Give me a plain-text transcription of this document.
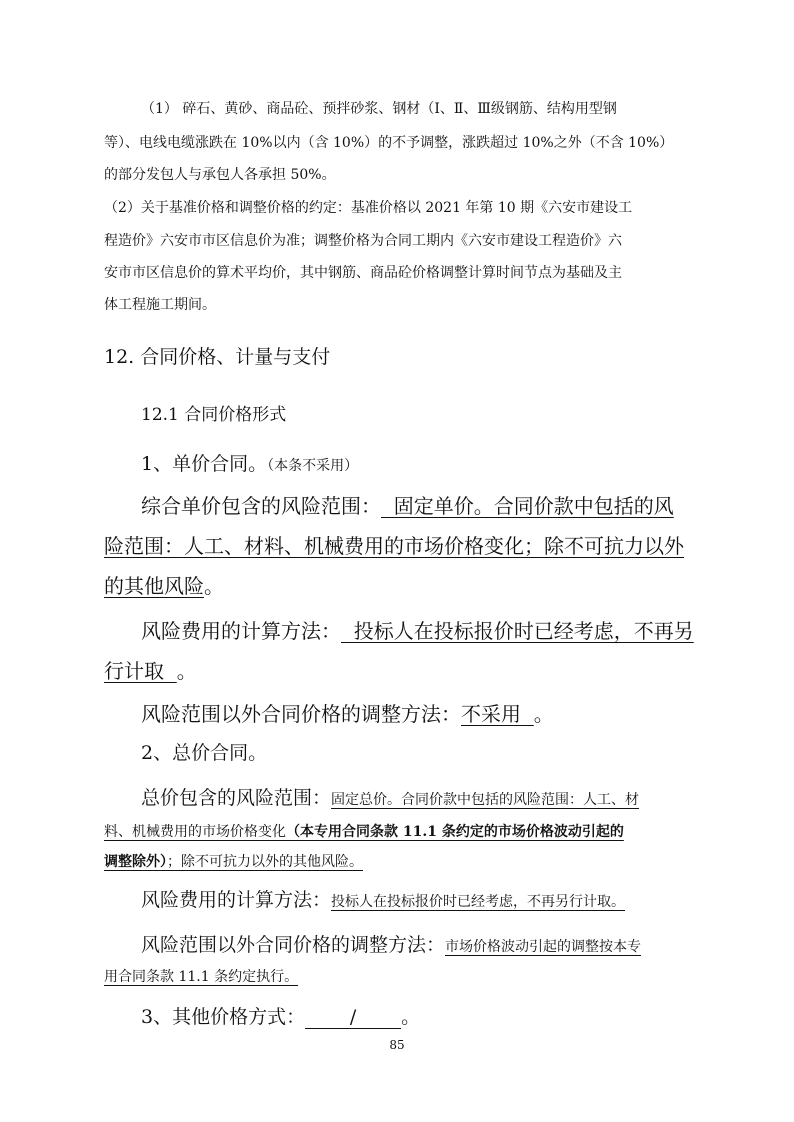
（1） 碎石、黄砂、商品砼、预拌砂浆、钢材（Ⅰ、Ⅱ、Ⅲ级钢筋、结构用型钢
等）、电线电缆涨跌在 10%以内（含 10%）的不予调整，涨跌超过 10%之外（不含 10%）
的部分发包人与承包人各承担 50%。
（2）关于基准价格和调整价格的约定：基准价格以 2021 年第 10 期《六安市建设工
程造价》六安市市区信息价为准；调整价格为合同工期内《六安市建设工程造价》六
安市市区信息价的算术平均价，其中钢筋、商品砼价格调整计算时间节点为基础及主
体工程施工期间。
12. 合同价格、计量与支付
12.1 合同价格形式
1、单价合同。（本条不采用）
综合单价包含的风险范围：  固定单价。合同价款中包括的风
险范围：人工、材料、机械费用的市场价格变化；除不可抗力以外
的其他风险。
风险费用的计算方法：  投标人在投标报价时已经考虑，不再另
行计取  。
风险范围以外合同价格的调整方法：不采用  。
2、总价合同。
总价包含的风险范围：固定总价。合同价款中包括的风险范围：人工、材
料、机械费用的市场价格变化（本专用合同条款 11.1 条约定的市场价格波动引起的
调整除外）；除不可抗力以外的其他风险。
风险费用的计算方法：投标人在投标报价时已经考虑，不再另行计取。
风险范围以外合同价格的调整方法：市场价格波动引起的调整按本专
用合同条款 11.1 条约定执行。
3、其他价格方式： / 。
85
